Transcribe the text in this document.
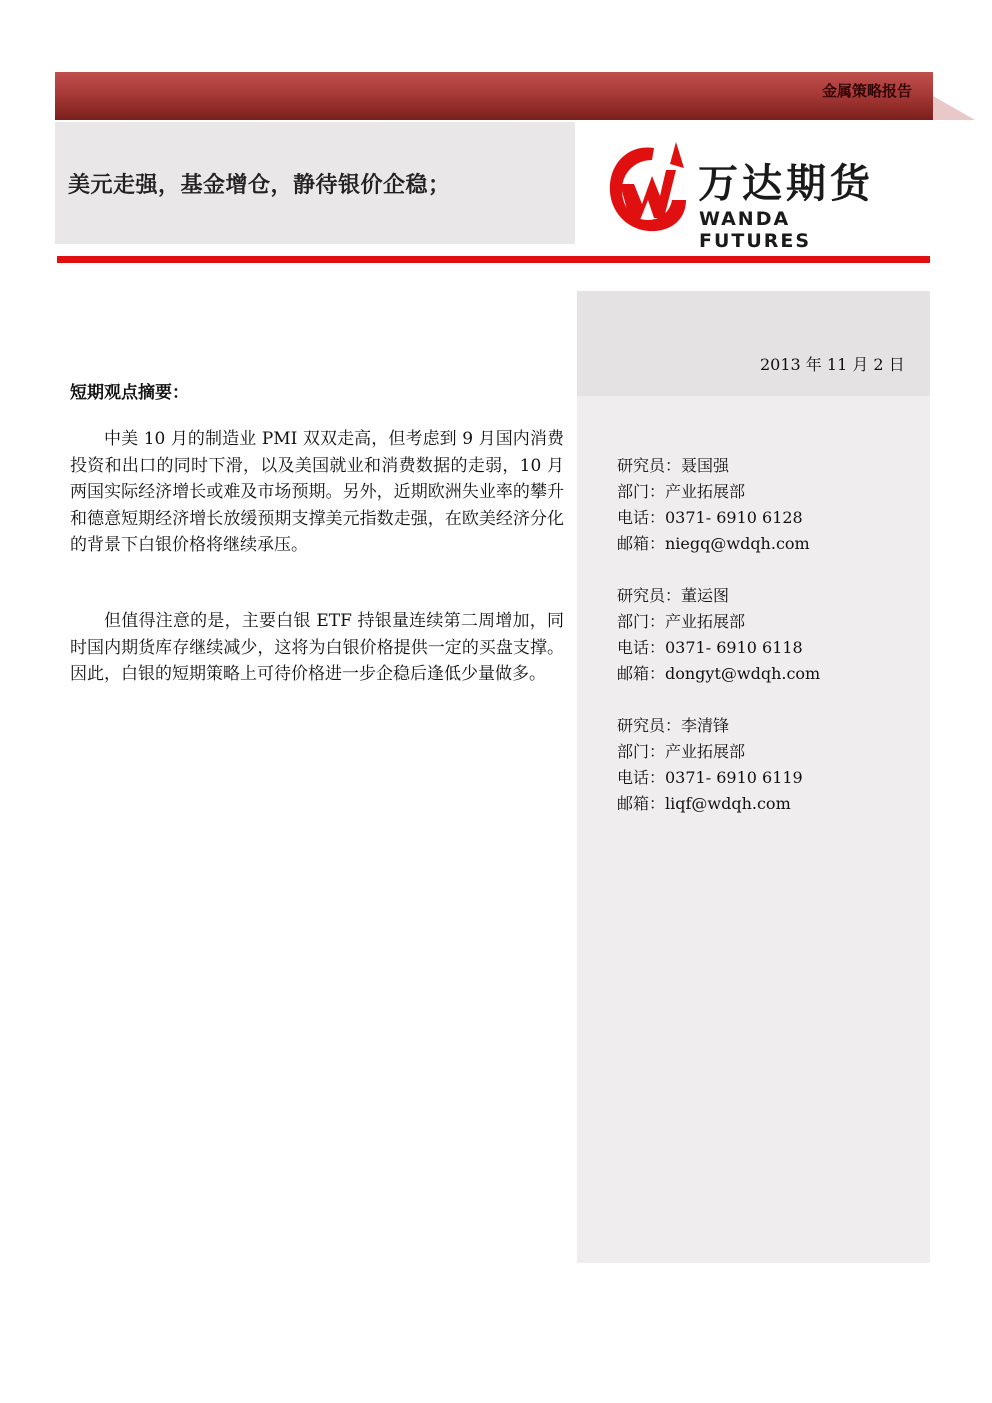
金属策略报告
美元走强，基金增仓，静待银价企稳；	万达期货
WANDA FUTURES
2013 年 11 月 2 日
短期观点摘要：

中美 10 月的制造业 PMI 双双走高，但考虑到 9 月国内消费投资和出口的同时下滑，以及美国就业和消费数据的走弱，10 月两国实际经济增长或难及市场预期。另外，近期欧洲失业率的攀升和德意短期经济增长放缓预期支撑美元指数走强，在欧美经济分化的背景下白银价格将继续承压。

但值得注意的是，主要白银 ETF 持银量连续第二周增加，同时国内期货库存继续减少，这将为白银价格提供一定的买盘支撑。因此，白银的短期策略上可待价格进一步企稳后逢低少量做多。

研究员：聂国强
部门：产业拓展部
电话：0371- 6910 6128
邮箱：niegq@wdqh.com
研究员：董运图
部门：产业拓展部
电话：0371- 6910 6118
邮箱：dongyt@wdqh.com
研究员：李清锋
部门：产业拓展部
电话：0371- 6910 6119
邮箱：liqf@wdqh.com
